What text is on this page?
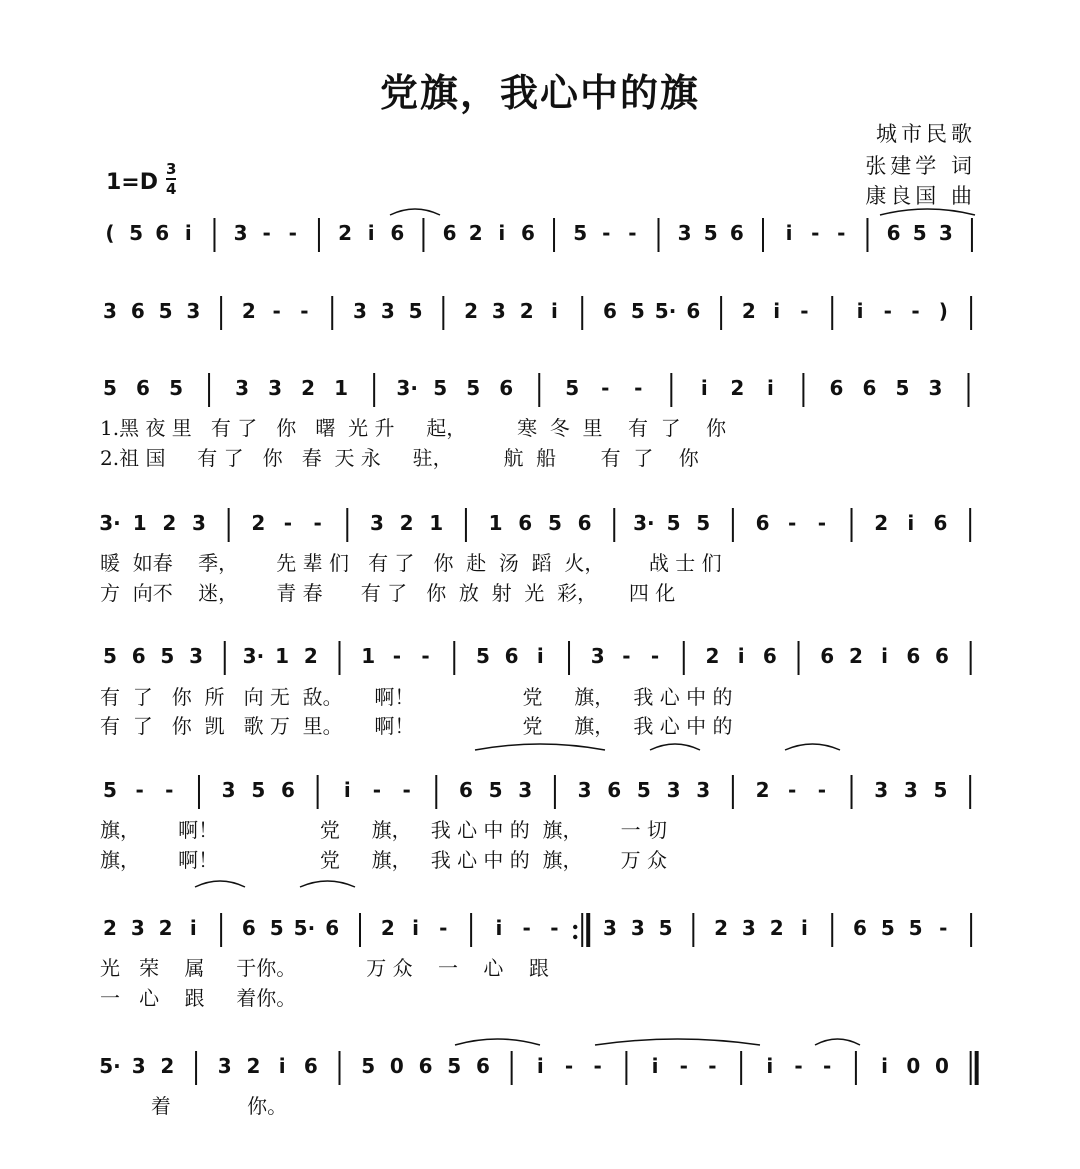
党旗，我心中的旗
城市民歌
张建学 词
康良国 曲
1=D
3
4
( 5 6 i 3 - - 2 i 6 6 2 i 6 5 - - 3 5 6 i - - 6 5 3
3 6 5 3 2 - - 3 3 5 2 3 2 i 6 5 5· 6 2 i - i - - )
5 6 5	3 3 2 1 3· 5 5 6	5 - -	i 2 i	6 6 5 3
3· 1 2 3 2 - - 3 2 1 1 6 5 6 3· 5 5 6 - - 2 i 6
5 6 5 3 3· 1 2 1 - - 5 6 i 3 - - 2 i 6 6 2 i 6 6
5 - - 3 5 6 i - - 6 5 3 3 6 5 3 3 2 - - 3 3 5
2 3 2 i 6 5 5· 6 2 i - i - - 3 3 5 2 3 2 i 6 5 5 -
5· 3 2 3 2 i 6 5 0 6 5 6 i - - i - - i - - i 0 0
1.黑 夜 里   有 了   你   曙  光 升     起，        寒  冬  里    有  了    你
2.祖 国     有 了   你   春  天 永     驻，        航  船       有  了    你
暖  如春    季，      先 辈 们   有 了   你  赴  汤  蹈  火，       战 士 们
方  向不    迷，      青 春      有 了   你  放  射  光  彩，     四 化
有  了   你  所   向 无  敌。     啊！                 党     旗，   我 心 中 的
有  了   你  凯   歌 万  里。     啊！                 党     旗，   我 心 中 的
旗，      啊！                党     旗，   我 心 中 的  旗，      一 切
旗，      啊！                党     旗，   我 心 中 的  旗，      万 众
光   荣    属     于你。           万 众    一    心    跟
一   心    跟     着你。
着            你。
